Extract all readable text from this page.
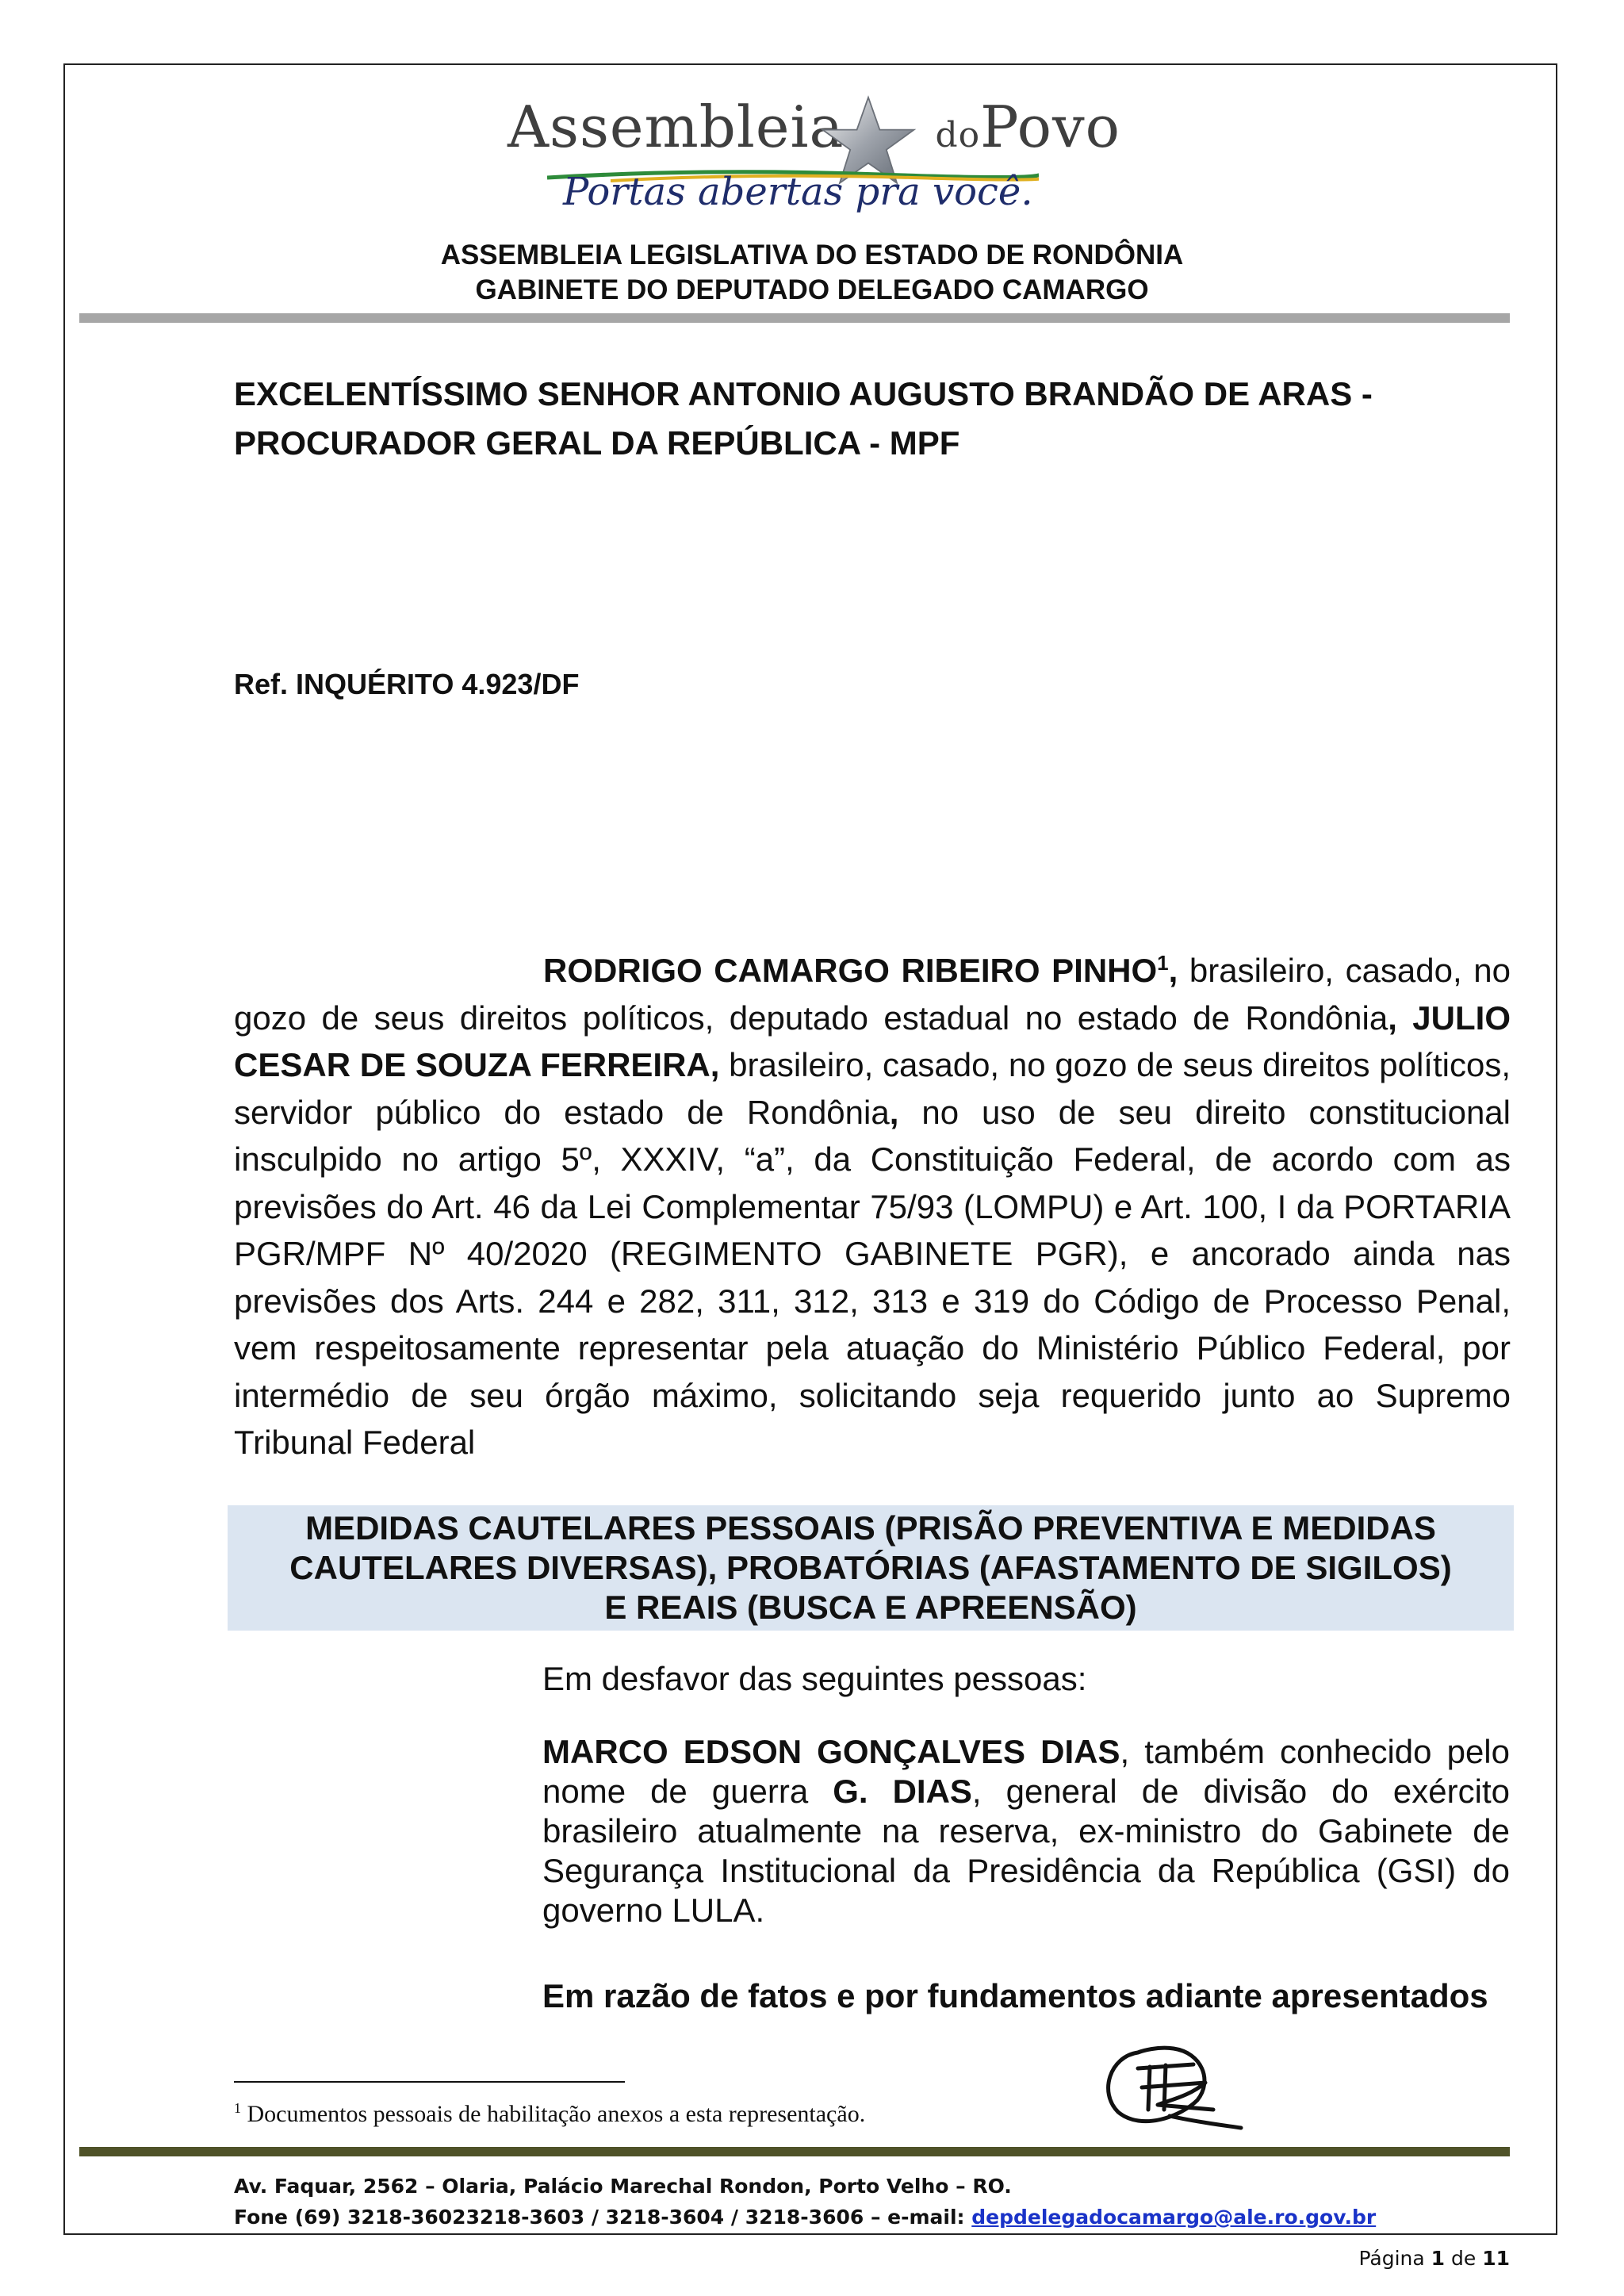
Assembleia	doPovo
Portas abertas pra você.
ASSEMBLEIA LEGISLATIVA DO ESTADO DE RONDÔNIA
GABINETE DO DEPUTADO DELEGADO CAMARGO
EXCELENTÍSSIMO SENHOR ANTONIO AUGUSTO BRANDÃO DE ARAS -
PROCURADOR GERAL DA REPÚBLICA - MPF
Ref. INQUÉRITO 4.923/DF

RODRIGO CAMARGO RIBEIRO PINHO$^1$, brasileiro, casado, no gozo de seus direitos políticos, deputado estadual no estado de Rondônia, JULIO CESAR DE SOUZA FERREIRA, brasileiro, casado, no gozo de seus direitos políticos, servidor público do estado de Rondônia, no uso de seu direito constitucional insculpido no artigo 5º, XXXIV, “a”, da Constituição Federal, de acordo com as previsões do Art. 46 da Lei Complementar 75/93 (LOMPU) e Art. 100, I da PORTARIA PGR/MPF Nº 40/2020 (REGIMENTO GABINETE PGR), e ancorado ainda nas previsões dos Arts. 244 e 282, 311, 312, 313 e 319 do Código de Processo Penal, vem respeitosamente representar pela atuação do Ministério Público Federal, por intermédio de seu órgão máximo, solicitando seja requerido junto ao Supremo Tribunal Federal

MEDIDAS CAUTELARES PESSOAIS (PRISÃO PREVENTIVA E MEDIDAS
CAUTELARES DIVERSAS), PROBATÓRIAS (AFASTAMENTO DE SIGILOS)
E REAIS (BUSCA E APREENSÃO)

Em desfavor das seguintes pessoas:

MARCO EDSON GONÇALVES DIAS, também conhecido pelo nome de guerra G. DIAS, general de divisão do exército brasileiro atualmente na reserva, ex-ministro do Gabinete de Segurança Institucional da Presidência da República (GSI) do governo LULA.

Em razão de fatos e por fundamentos adiante apresentados

$^1$ Documentos pessoais de habilitação anexos a esta representação.
Av. Faquar, 2562 – Olaria, Palácio Marechal Rondon, Porto Velho – RO.
Fone (69) 3218-36023218-3603 / 3218-3604 / 3218-3606 – e-mail: depdelegadocamargo@ale.ro.gov.br
Página 1 de 11
